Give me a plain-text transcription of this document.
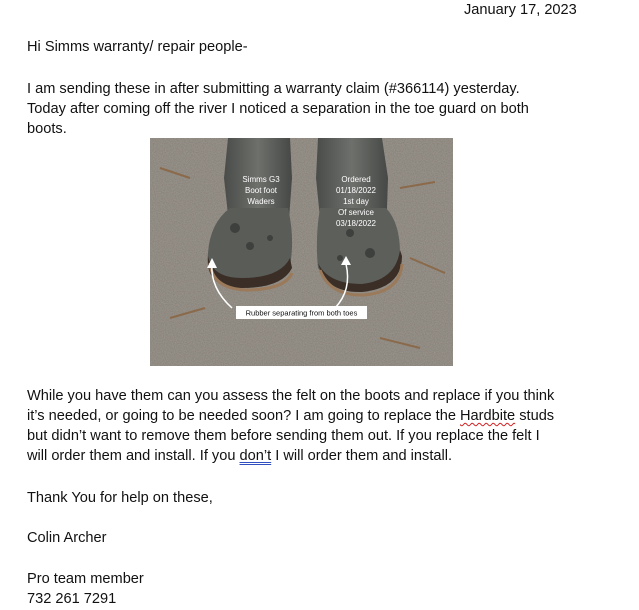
January 17, 2023
Hi Simms warranty/ repair people-
I am sending these in after submitting a warranty claim (#366114) yesterday.
Today after coming off the river I noticed a separation in the toe guard on both
boots.
Simms G3
Boot foot
Waders
Ordered
01/18/2022
1st day
Of service
03/18/2022
Rubber separating from both toes
While you have them can you assess the felt on the boots and replace if you think
it’s needed, or going to be needed soon? I am going to replace the Hardbite studs
but didn’t want to remove them before sending them out. If you replace the felt I
will order them and install. If you don’t I will order them and install.
Thank You for help on these,
Colin Archer
Pro team member
732 261 7291
